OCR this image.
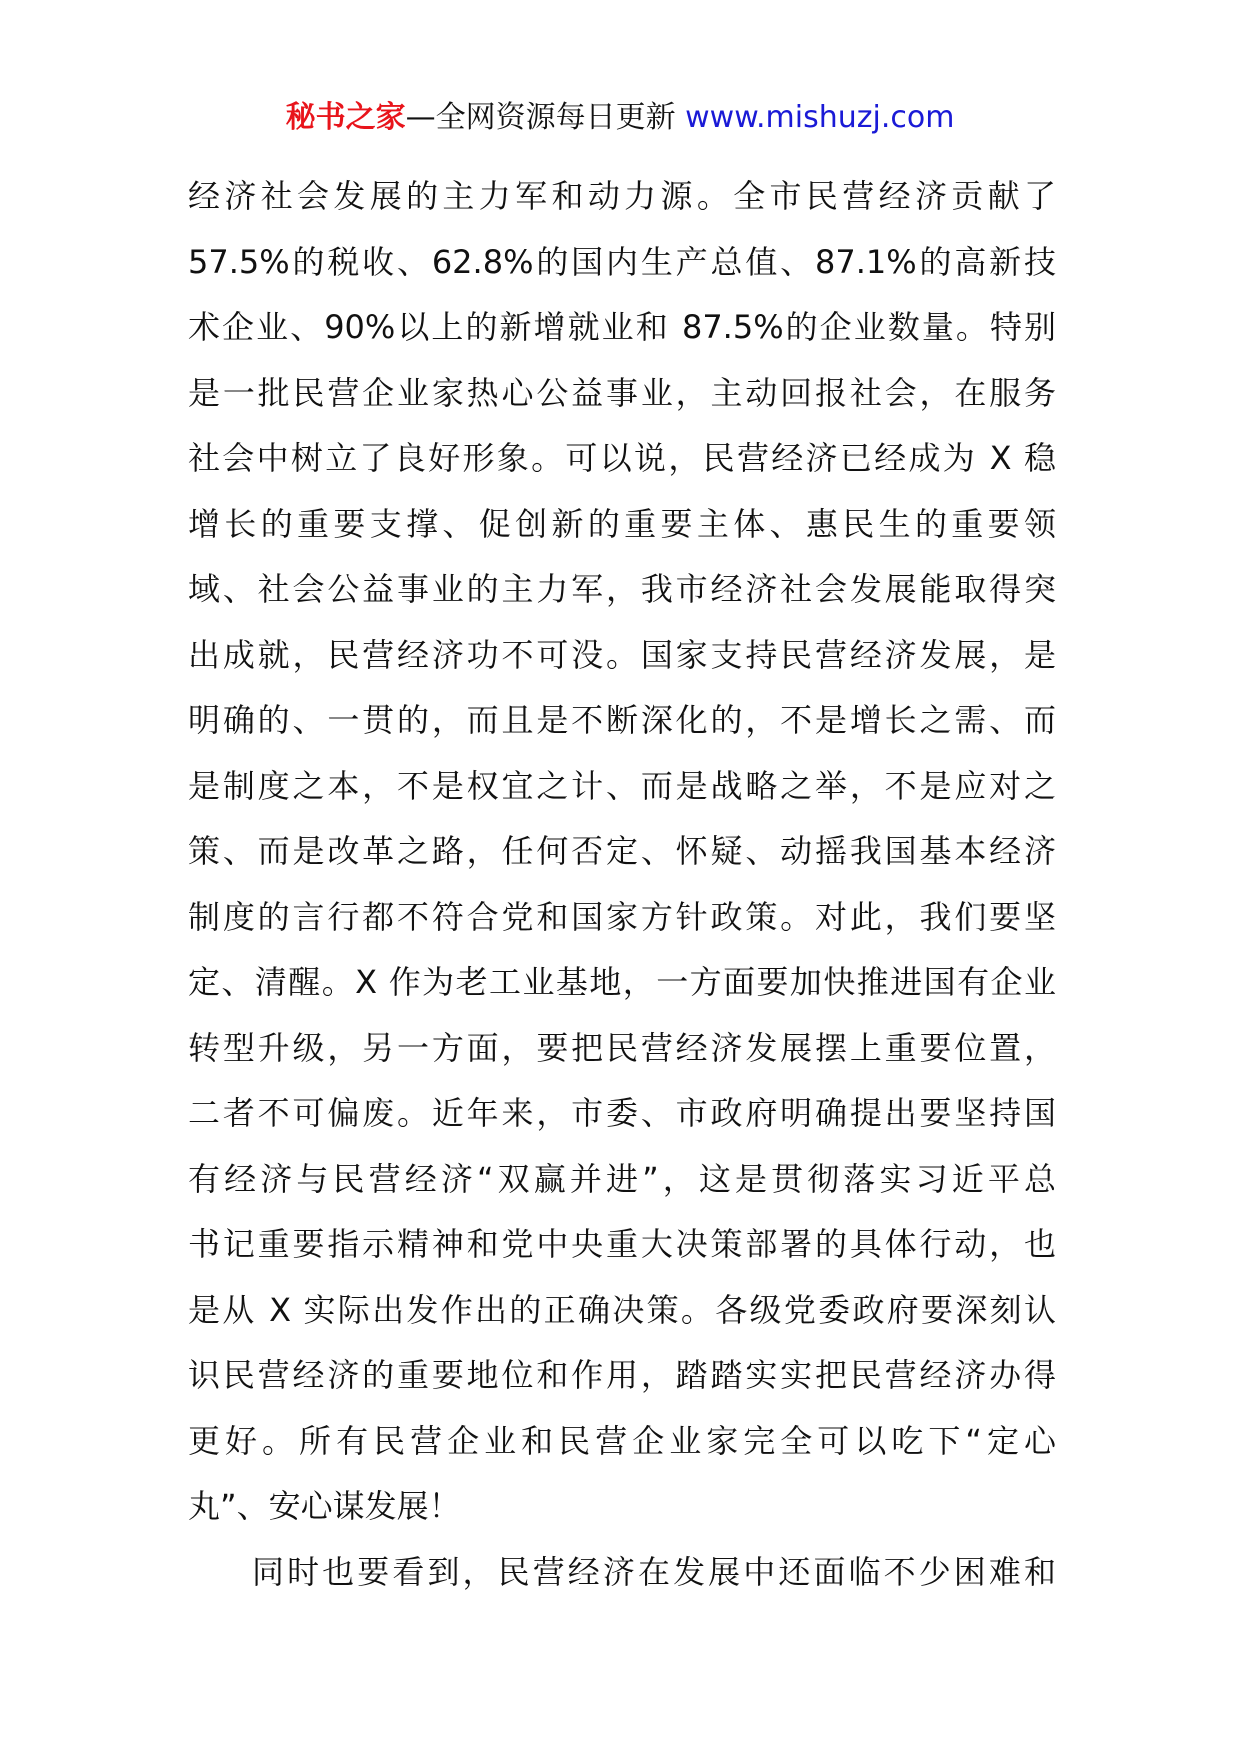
秘书之家—全网资源每日更新 www.mishuzj.com
经济社会发展的主力军和动力源。全市民营经济贡献了
57.5%的税收、62.8%的国内生产总值、87.1%的高新技
术企业、90%以上的新增就业和 87.5%的企业数量。特别
是一批民营企业家热心公益事业，主动回报社会，在服务
社会中树立了良好形象。可以说，民营经济已经成为 X 稳
增长的重要支撑、促创新的重要主体、惠民生的重要领
域、社会公益事业的主力军，我市经济社会发展能取得突
出成就，民营经济功不可没。国家支持民营经济发展，是
明确的、一贯的，而且是不断深化的，不是增长之需、而
是制度之本，不是权宜之计、而是战略之举，不是应对之
策、而是改革之路，任何否定、怀疑、动摇我国基本经济
制度的言行都不符合党和国家方针政策。对此，我们要坚
定、清醒。X 作为老工业基地，一方面要加快推进国有企业
转型升级，另一方面，要把民营经济发展摆上重要位置，
二者不可偏废。近年来，市委、市政府明确提出要坚持国
有经济与民营经济“双赢并进”，这是贯彻落实习近平总
书记重要指示精神和党中央重大决策部署的具体行动，也
是从 X 实际出发作出的正确决策。各级党委政府要深刻认
识民营经济的重要地位和作用，踏踏实实把民营经济办得
更好。所有民营企业和民营企业家完全可以吃下“定心
丸”、安心谋发展！
同时也要看到，民营经济在发展中还面临不少困难和
